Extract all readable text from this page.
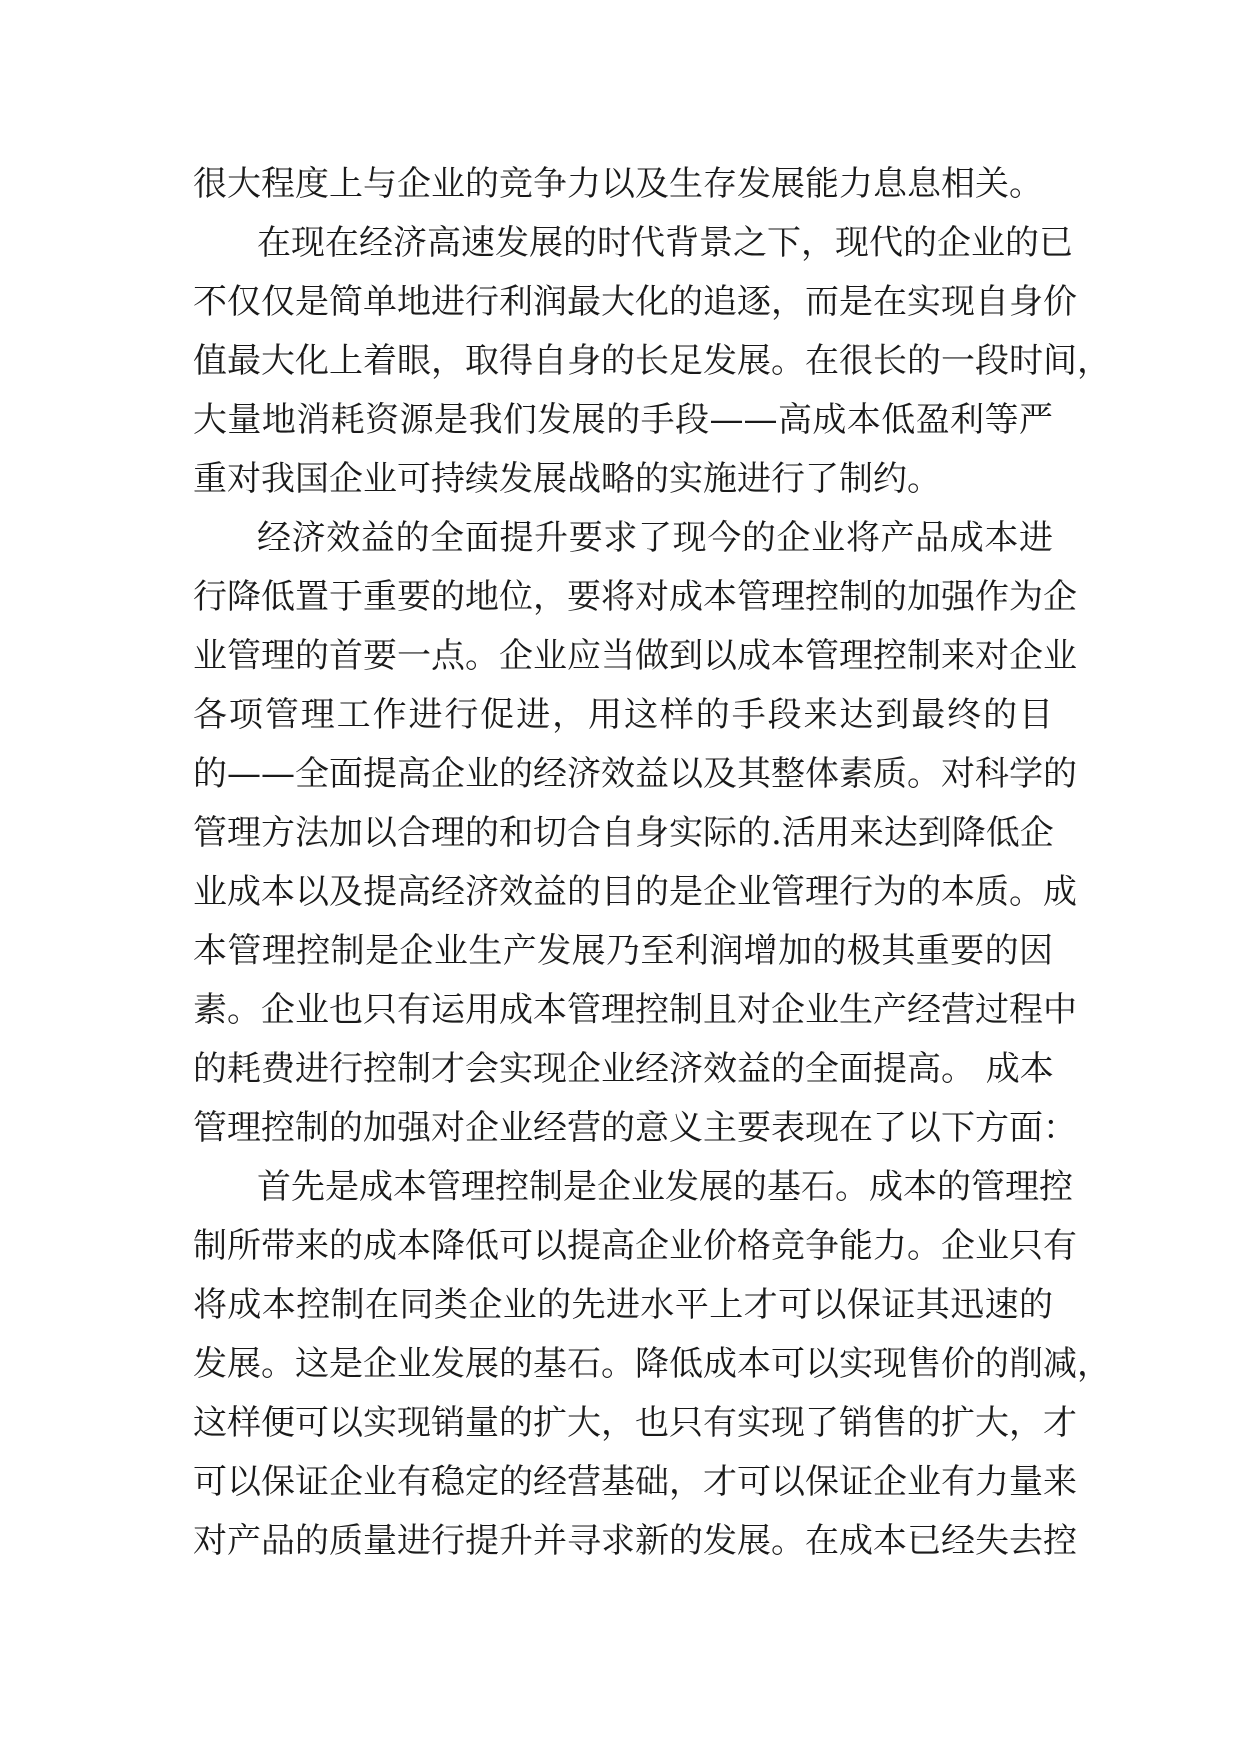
很大程度上与企业的竞争力以及生存发展能力息息相关。
在现在经济高速发展的时代背景之下，现代的企业的已
不仅仅是简单地进行利润最大化的追逐，而是在实现自身价
值最大化上着眼，取得自身的长足发展。在很长的一段时间，
大量地消耗资源是我们发展的手段——高成本低盈利等严
重对我国企业可持续发展战略的实施进行了制约。
经济效益的全面提升要求了现今的企业将产品成本进
行降低置于重要的地位，要将对成本管理控制的加强作为企
业管理的首要一点。企业应当做到以成本管理控制来对企业
各项管理工作进行促进，用这样的手段来达到最终的目
的——全面提高企业的经济效益以及其整体素质。对科学的
管理方法加以合理的和切合自身实际的.活用来达到降低企
业成本以及提高经济效益的目的是企业管理行为的本质。成
本管理控制是企业生产发展乃至利润增加的极其重要的因
素。企业也只有运用成本管理控制且对企业生产经营过程中
的耗费进行控制才会实现企业经济效益的全面提高。 成本
管理控制的加强对企业经营的意义主要表现在了以下方面：
首先是成本管理控制是企业发展的基石。成本的管理控
制所带来的成本降低可以提高企业价格竞争能力。企业只有
将成本控制在同类企业的先进水平上才可以保证其迅速的
发展。这是企业发展的基石。降低成本可以实现售价的削减，
这样便可以实现销量的扩大，也只有实现了销售的扩大，才
可以保证企业有稳定的经营基础，才可以保证企业有力量来
对产品的质量进行提升并寻求新的发展。在成本已经失去控
